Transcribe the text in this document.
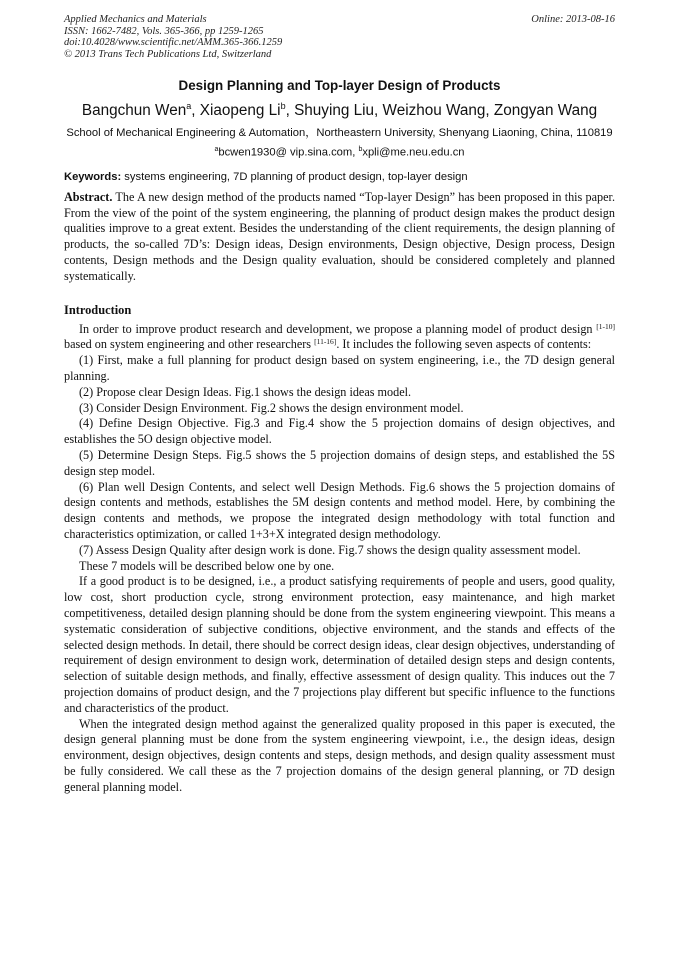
Applied Mechanics and Materials
ISSN: 1662-7482, Vols. 365-366, pp 1259-1265
doi:10.4028/www.scientific.net/AMM.365-366.1259
© 2013 Trans Tech Publications Ltd, Switzerland
Online: 2013-08-16
Design Planning and Top-layer Design of Products
Bangchun Wen$^a$, Xiaopeng Li$^b$, Shuying Liu, Weizhou Wang, Zongyan Wang
School of Mechanical Engineering & Automation，Northeastern University, Shenyang Liaoning, China, 110819
$^a$bcwen1930@ vip.sina.com, $^b$xpli@me.neu.edu.cn
Keywords: systems engineering, 7D planning of product design, top-layer design

Abstract. The A new design method of the products named “Top-layer Design” has been proposed in this paper. From the view of the point of the system engineering, the planning of product design makes the product design qualities improve to a great extent. Besides the understanding of the client requirements, the design planning of products, the so-called 7D’s: Design ideas, Design environments, Design objective, Design process, Design contents, Design methods and the Design quality evaluation, should be considered completely and planned systematically.

Introduction

In order to improve product research and development, we propose a planning model of product design [1-10] based on system engineering and other researchers [11-16]. It includes the following seven aspects of contents:

(1) First, make a full planning for product design based on system engineering, i.e., the 7D design general planning.

(2) Propose clear Design Ideas. Fig.1 shows the design ideas model.

(3) Consider Design Environment. Fig.2 shows the design environment model.

(4) Define Design Objective. Fig.3 and Fig.4 show the 5 projection domains of design objectives, and establishes the 5O design objective model.

(5) Determine Design Steps. Fig.5 shows the 5 projection domains of design steps, and established the 5S design step model.

(6) Plan well Design Contents, and select well Design Methods. Fig.6 shows the 5 projection domains of design contents and methods, establishes the 5M design contents and method model. Here, by combining the design contents and methods, we propose the integrated design methodology with total function and characteristics optimization, or called 1+3+X integrated design methodology.

(7) Assess Design Quality after design work is done. Fig.7 shows the design quality assessment model.

These 7 models will be described below one by one.

If a good product is to be designed, i.e., a product satisfying requirements of people and users, good quality, low cost, short production cycle, strong environment protection, easy maintenance, and high market competitiveness, detailed design planning should be done from the system engineering viewpoint. This means a systematic consideration of subjective conditions, objective environment, and the stands and effects of the selected design methods. In detail, there should be correct design ideas, clear design objectives, understanding of requirement of design environment to design work, determination of detailed design steps and design contents, selection of suitable design methods, and finally, effective assessment of design quality. This induces out the 7 projection domains of product design, and the 7 projections play different but specific influence to the functions and characteristics of the product.

When the integrated design method against the generalized quality proposed in this paper is executed, the design general planning must be done from the system engineering viewpoint, i.e., the design ideas, design environment, design objectives, design contents and steps, design methods, and design quality assessment must be fully considered. We call these as the 7 projection domains of the design general planning, or 7D design general planning model.
